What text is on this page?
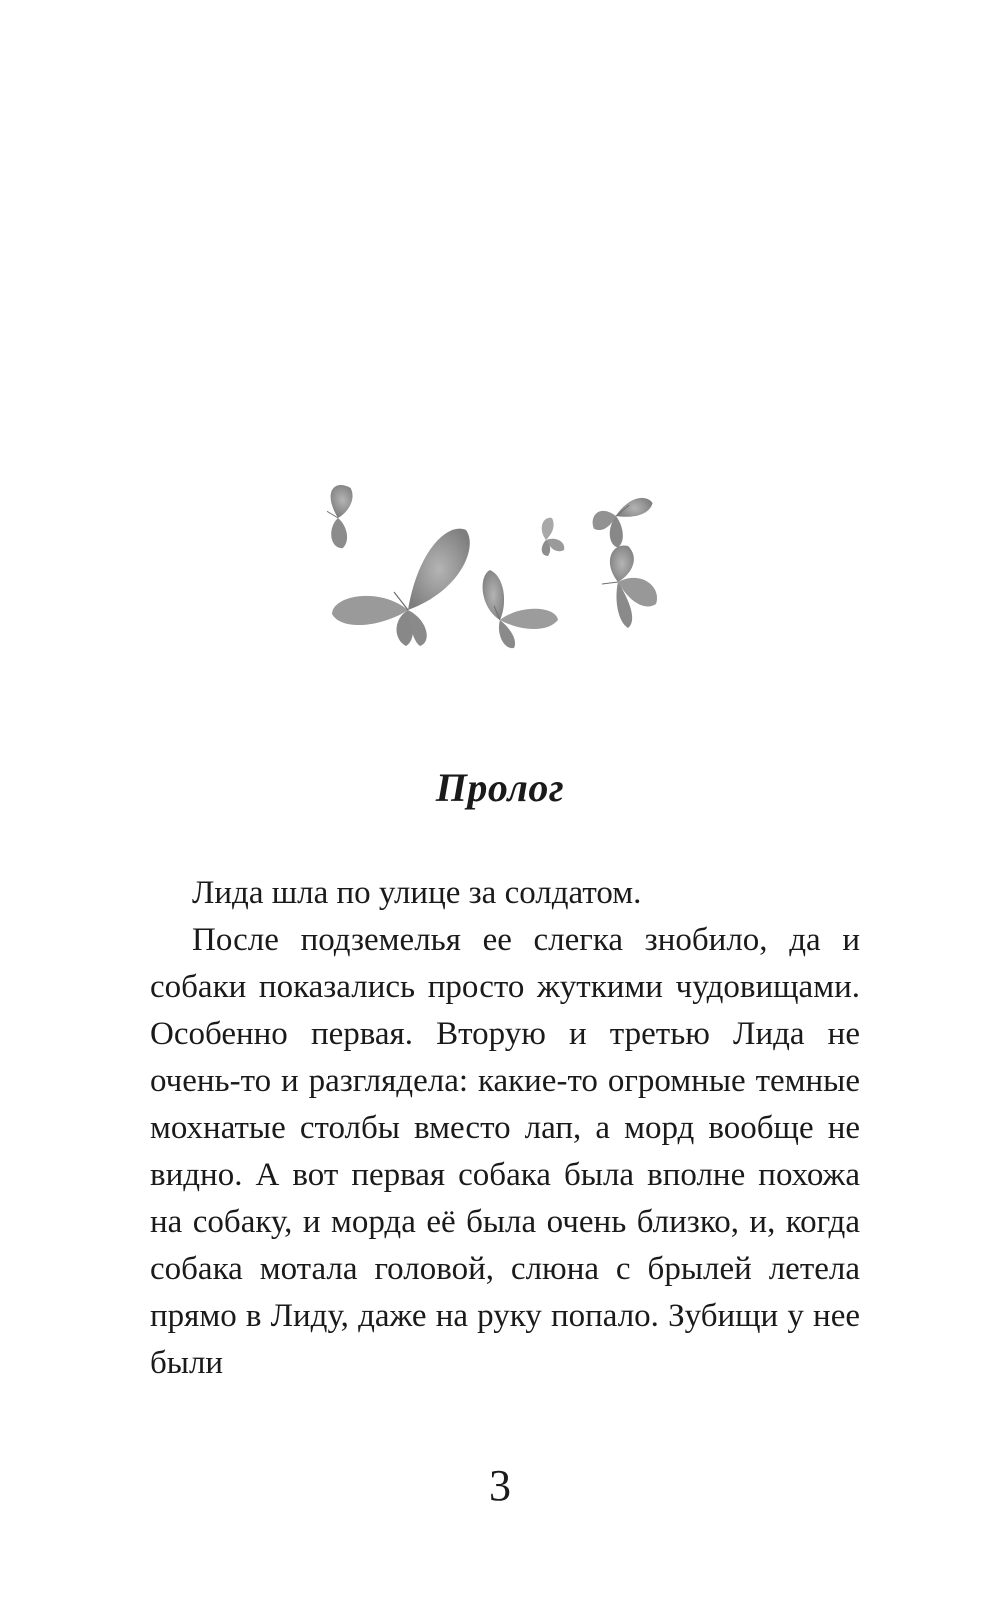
Пролог

Лида шла по улице за солдатом.

После подземелья ее слегка знобило, да и собаки показались просто жуткими чудовищами. Особенно первая. Вторую и третью Лида не очень-то и разглядела: какие-то огромные темные мохнатые столбы вместо лап, а морд вообще не видно. А вот первая собака была вполне похожа на собаку, и морда её была очень близко, и, когда собака мотала головой, слюна с брылей летела прямо в Лиду, даже на руку попало. Зубищи у нее были

3
